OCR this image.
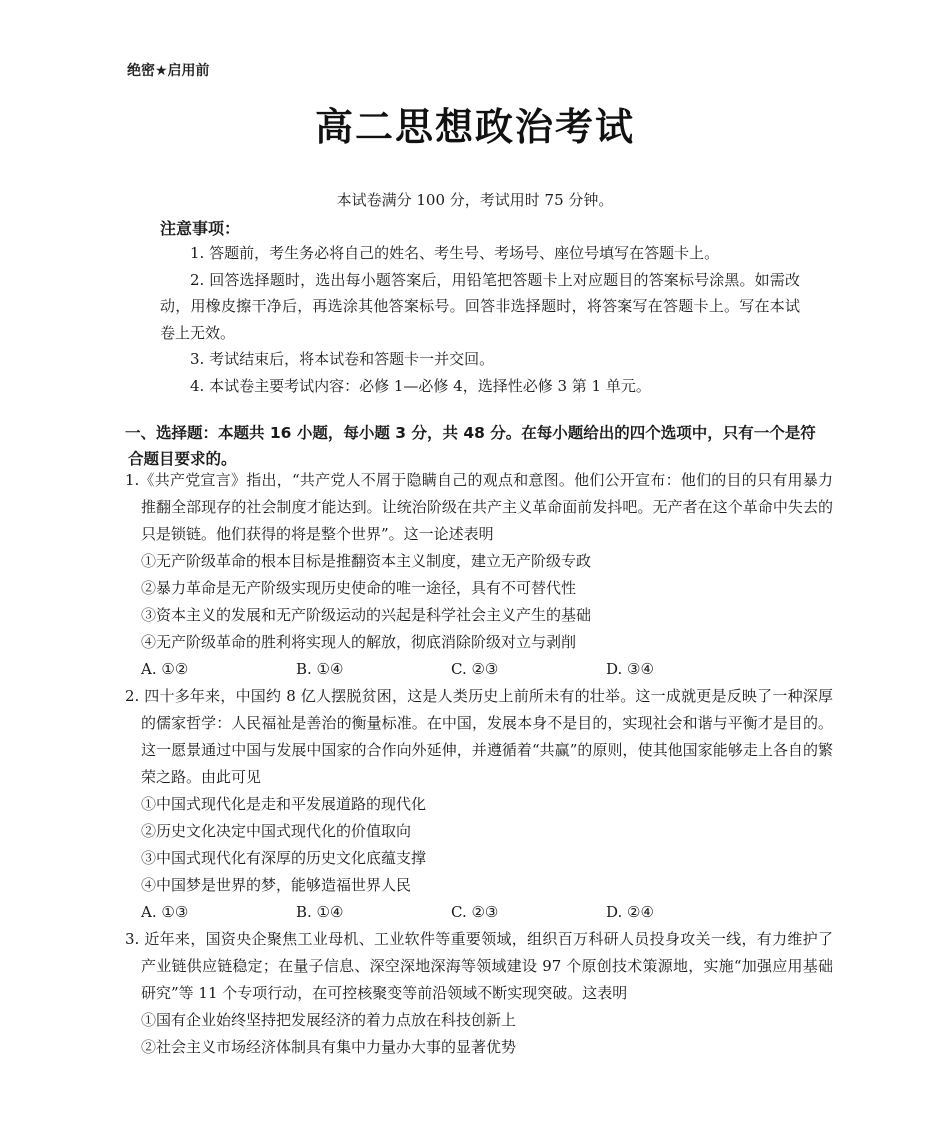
绝密★启用前
高二思想政治考试
本试卷满分 100 分，考试用时 75 分钟。
注意事项：

1. 答题前，考生务必将自己的姓名、考生号、考场号、座位号填写在答题卡上。

2. 回答选择题时，选出每小题答案后，用铅笔把答题卡上对应题目的答案标号涂黑。如需改动，用橡皮擦干净后，再选涂其他答案标号。回答非选择题时，将答案写在答题卡上。写在本试卷上无效。

3. 考试结束后，将本试卷和答题卡一并交回。

4. 本试卷主要考试内容：必修 1—必修 4，选择性必修 3 第 1 单元。

一、选择题：本题共 16 小题，每小题 3 分，共 48 分。在每小题给出的四个选项中，只有一个是符
合题目要求的。

1.《共产党宣言》指出，“共产党人不屑于隐瞒自己的观点和意图。他们公开宣布：他们的目的只有用暴力推翻全部现存的社会制度才能达到。让统治阶级在共产主义革命面前发抖吧。无产者在这个革命中失去的只是锁链。他们获得的将是整个世界”。这一论述表明

①无产阶级革命的根本目标是推翻资本主义制度，建立无产阶级专政

②暴力革命是无产阶级实现历史使命的唯一途径，具有不可替代性

③资本主义的发展和无产阶级运动的兴起是科学社会主义产生的基础

④无产阶级革命的胜利将实现人的解放，彻底消除阶级对立与剥削

A. ①②	B. ①④	C. ②③	D. ③④

2. 四十多年来，中国约 8 亿人摆脱贫困，这是人类历史上前所未有的壮举。这一成就更是反映了一种深厚的儒家哲学：人民福祉是善治的衡量标准。在中国，发展本身不是目的，实现社会和谐与平衡才是目的。这一愿景通过中国与发展中国家的合作向外延伸，并遵循着“共赢”的原则，使其他国家能够走上各自的繁荣之路。由此可见

①中国式现代化是走和平发展道路的现代化

②历史文化决定中国式现代化的价值取向

③中国式现代化有深厚的历史文化底蕴支撑

④中国梦是世界的梦，能够造福世界人民

A. ①③	B. ①④	C. ②③	D. ②④

3. 近年来，国资央企聚焦工业母机、工业软件等重要领域，组织百万科研人员投身攻关一线，有力维护了产业链供应链稳定；在量子信息、深空深地深海等领域建设 97 个原创技术策源地，实施“加强应用基础研究”等 11 个专项行动，在可控核聚变等前沿领域不断实现突破。这表明

①国有企业始终坚持把发展经济的着力点放在科技创新上

②社会主义市场经济体制具有集中力量办大事的显著优势
